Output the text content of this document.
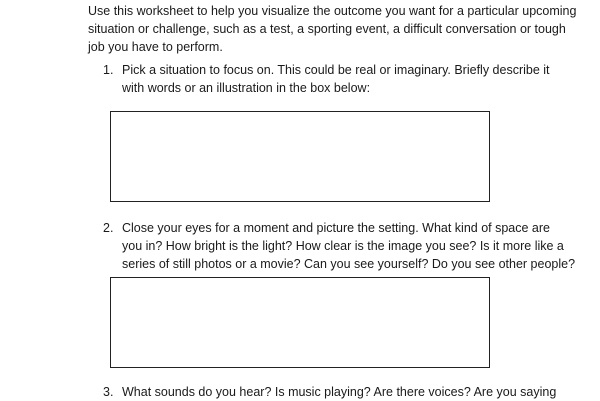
Use this worksheet to help you visualize the outcome you want for a particular upcoming
situation or challenge, such as a test, a sporting event, a difficult conversation or tough
job you have to perform.

1. Pick a situation to focus on. This could be real or imaginary. Briefly describe it
with words or an illustration in the box below:
2. Close your eyes for a moment and picture the setting. What kind of space are
you in? How bright is the light? How clear is the image you see? Is it more like a
series of still photos or a movie? Can you see yourself? Do you see other people?
3. What sounds do you hear? Is music playing? Are there voices? Are you saying
